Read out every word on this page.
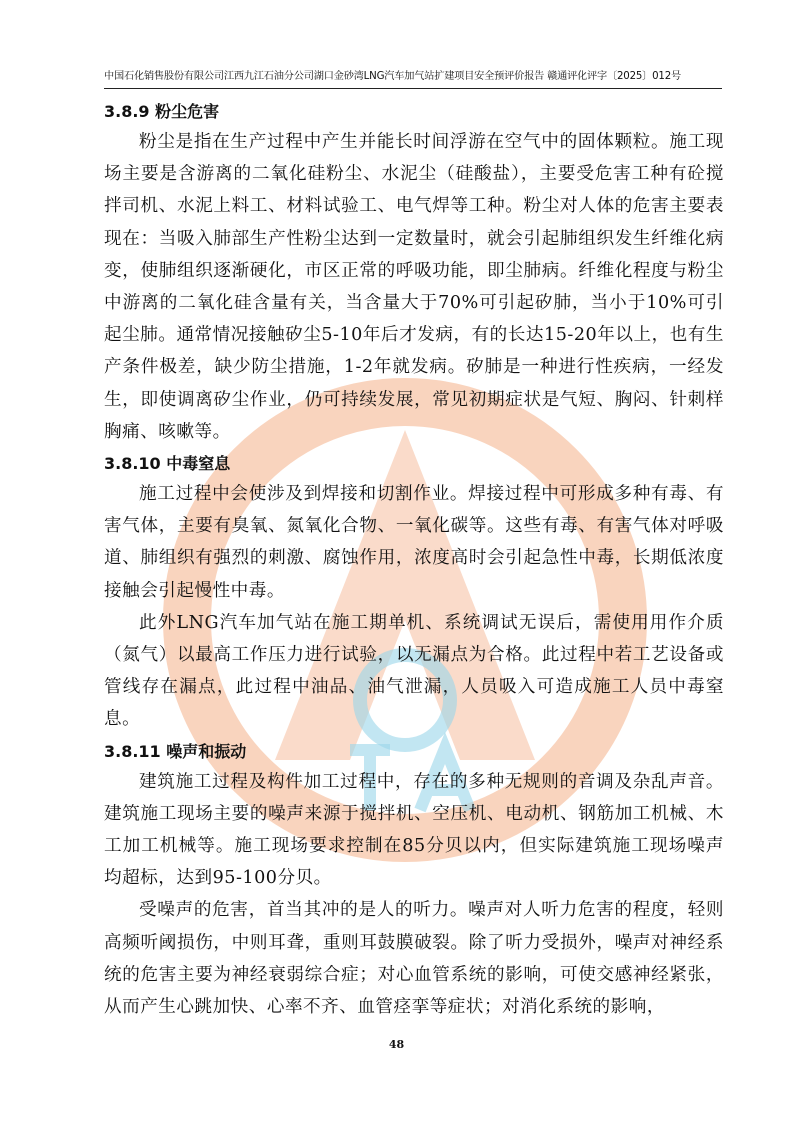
中国石化销售股份有限公司江西九江石油分公司湖口金砂湾LNG汽车加气站扩建项目安全预评价报告 赣通评化评字〔2025〕012号
3.8.9 粉尘危害

粉尘是指在生产过程中产生并能长时间浮游在空气中的固体颗粒。施工现场主要是含游离的二氧化硅粉尘、水泥尘（硅酸盐），主要受危害工种有砼搅拌司机、水泥上料工、材料试验工、电气焊等工种。粉尘对人体的危害主要表现在：当吸入肺部生产性粉尘达到一定数量时，就会引起肺组织发生纤维化病变，使肺组织逐渐硬化，市区正常的呼吸功能，即尘肺病。纤维化程度与粉尘中游离的二氧化硅含量有关，当含量大于70%可引起矽肺，当小于10%可引起尘肺。通常情况接触矽尘5-10年后才发病，有的长达15-20年以上，也有生产条件极差，缺少防尘措施，1-2年就发病。矽肺是一种进行性疾病，一经发生，即使调离矽尘作业，仍可持续发展，常见初期症状是气短、胸闷、针刺样胸痛、咳嗽等。

3.8.10 中毒窒息

施工过程中会使涉及到焊接和切割作业。焊接过程中可形成多种有毒、有害气体，主要有臭氧、氮氧化合物、一氧化碳等。这些有毒、有害气体对呼吸道、肺组织有强烈的刺激、腐蚀作用，浓度高时会引起急性中毒，长期低浓度接触会引起慢性中毒。

此外LNG汽车加气站在施工期单机、系统调试无误后，需使用用作介质（氮气）以最高工作压力进行试验，以无漏点为合格。此过程中若工艺设备或管线存在漏点，此过程中油品、油气泄漏，人员吸入可造成施工人员中毒窒息。

3.8.11 噪声和振动

建筑施工过程及构件加工过程中，存在的多种无规则的音调及杂乱声音。建筑施工现场主要的噪声来源于搅拌机、空压机、电动机、钢筋加工机械、木工加工机械等。施工现场要求控制在85分贝以内，但实际建筑施工现场噪声均超标，达到95-100分贝。

受噪声的危害，首当其冲的是人的听力。噪声对人听力危害的程度，轻则高频听阈损伤，中则耳聋，重则耳鼓膜破裂。除了听力受损外，噪声对神经系统的危害主要为神经衰弱综合症；对心血管系统的影响，可使交感神经紧张，从而产生心跳加快、心率不齐、血管痉挛等症状；对消化系统的影响，

48
